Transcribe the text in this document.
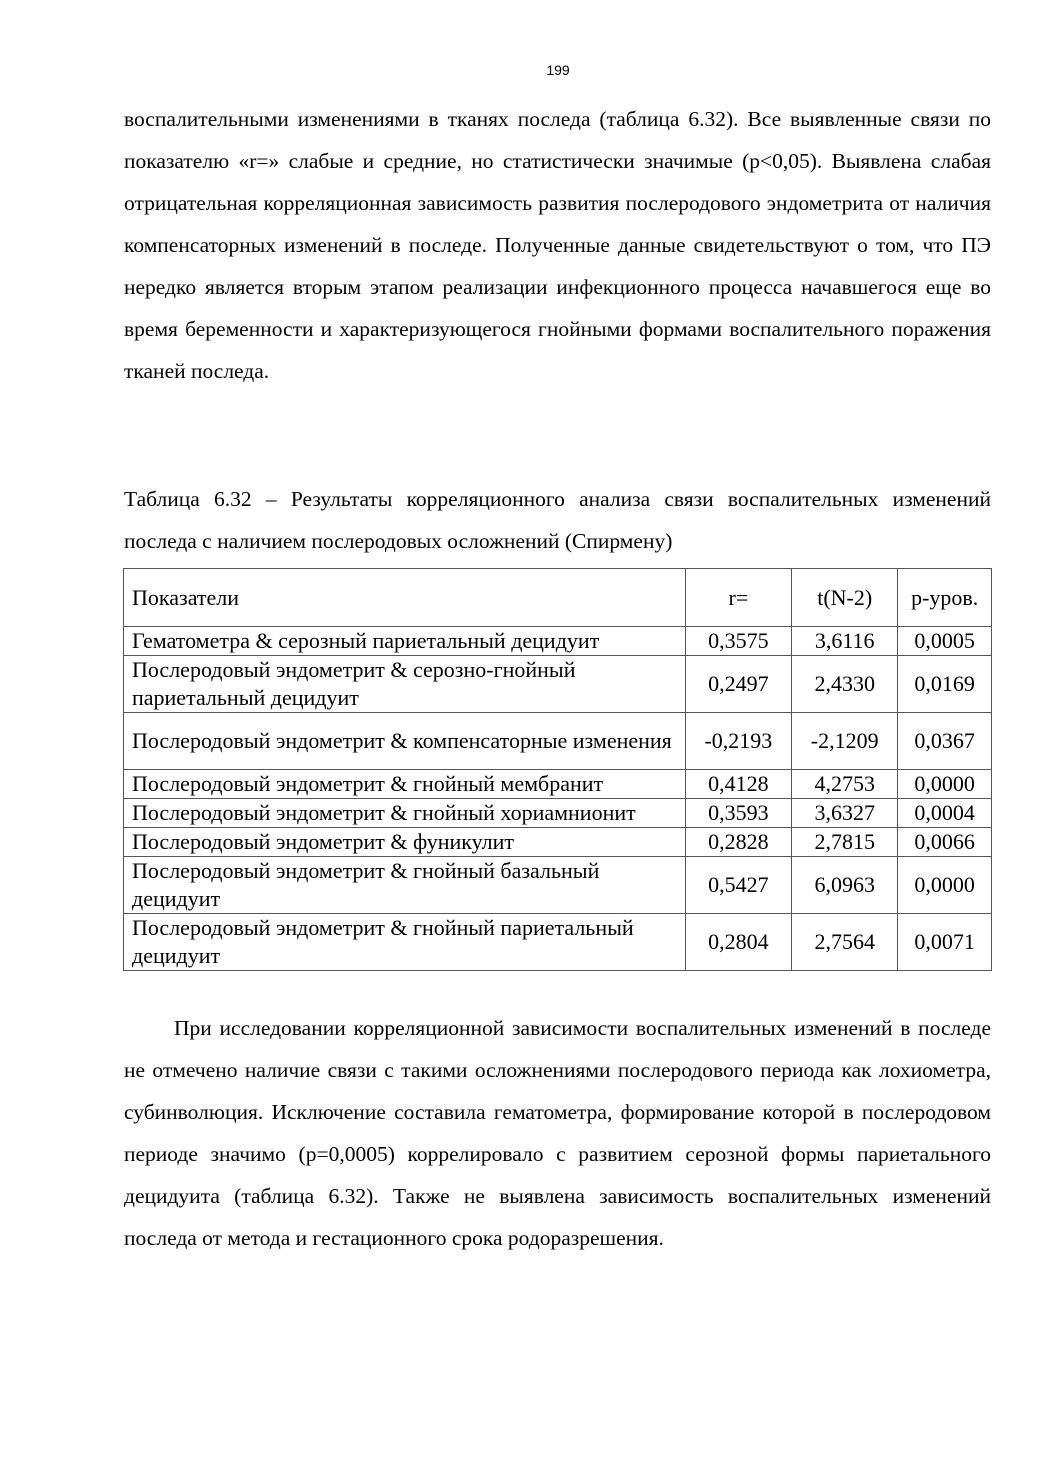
199

воспалительными изменениями в тканях последа (таблица 6.32). Все выявленные связи по показателю «r=» слабые и средние, но статистически значимые (p<0,05). Выявлена слабая отрицательная корреляционная зависимость развития послеродового эндометрита от наличия компенсаторных изменений в последе. Полученные данные свидетельствуют о том, что ПЭ нередко является вторым этапом реализации инфекционного процесса начавшегося еще во время беременности и характеризующегося гнойными формами воспалительного поражения тканей последа.

Таблица 6.32 – Результаты корреляционного анализа связи воспалительных изменений последа с наличием послеродовых осложнений (Спирмену)

Показатели	r=	t(N-2)	p-уров.
Гематометра & серозный париетальный децидуит	0,3575	3,6116	0,0005
Послеродовый эндометрит & серозно-гнойный париетальный децидуит	0,2497	2,4330	0,0169
Послеродовый эндометрит & компенсаторные изменения	-0,2193	-2,1209	0,0367
Послеродовый эндометрит & гнойный мембранит	0,4128	4,2753	0,0000
Послеродовый эндометрит & гнойный хориамнионит	0,3593	3,6327	0,0004
Послеродовый эндометрит & фуникулит	0,2828	2,7815	0,0066
Послеродовый эндометрит & гнойный базальный децидуит	0,5427	6,0963	0,0000
Послеродовый эндометрит & гнойный париетальный децидуит	0,2804	2,7564	0,0071

При исследовании корреляционной зависимости воспалительных изменений в последе не отмечено наличие связи с такими осложнениями послеродового периода как лохиометра, субинволюция. Исключение составила гематометра, формирование которой в послеродовом периоде значимо (p=0,0005) коррелировало с развитием серозной формы париетального децидуита (таблица 6.32). Также не выявлена зависимость воспалительных изменений последа от метода и гестационного срока родоразрешения.
